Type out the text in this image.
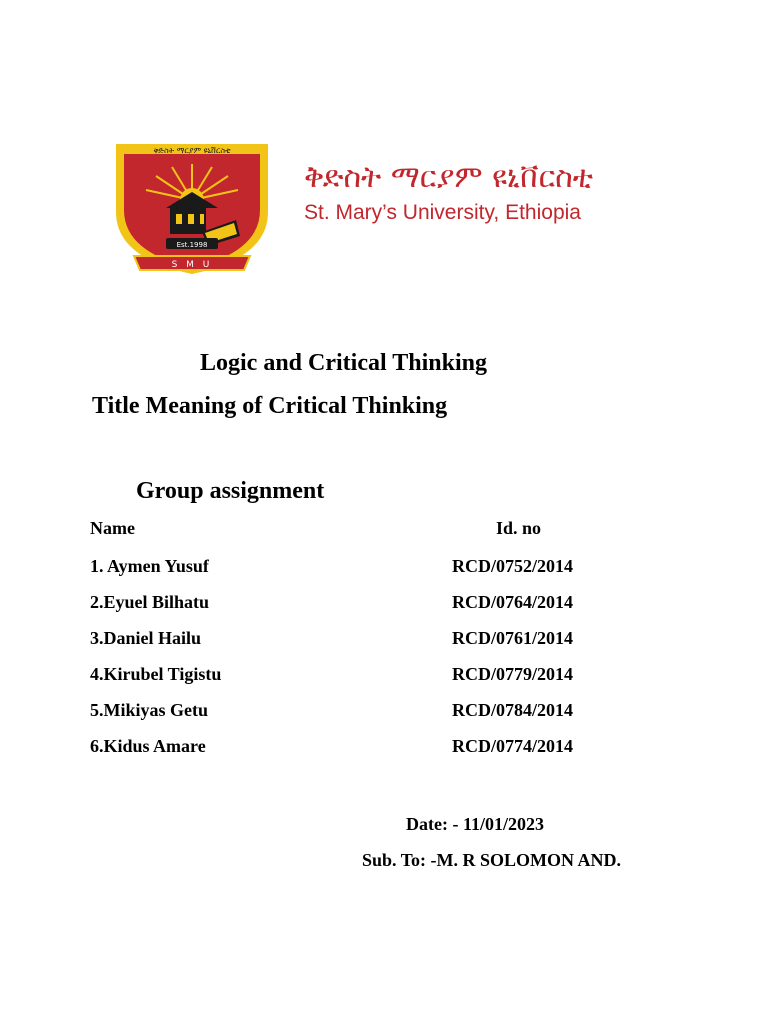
ቅድስት ማርያም ዩኒቨርስቲ
Est.1998
S M U
ቅድስት ማርያም ዩኒቨርስቲ
St. Mary’s University, Ethiopia
Logic and Critical Thinking
Title Meaning of Critical Thinking
Group assignment
Name	Id. no
1. Aymen Yusuf	RCD/0752/2014
2.Eyuel Bilhatu	RCD/0764/2014
3.Daniel Hailu	RCD/0761/2014
4.Kirubel Tigistu	RCD/0779/2014
5.Mikiyas Getu	RCD/0784/2014
6.Kidus Amare	RCD/0774/2014
Date: - 11/01/2023
Sub. To: -M. R SOLOMON AND.
